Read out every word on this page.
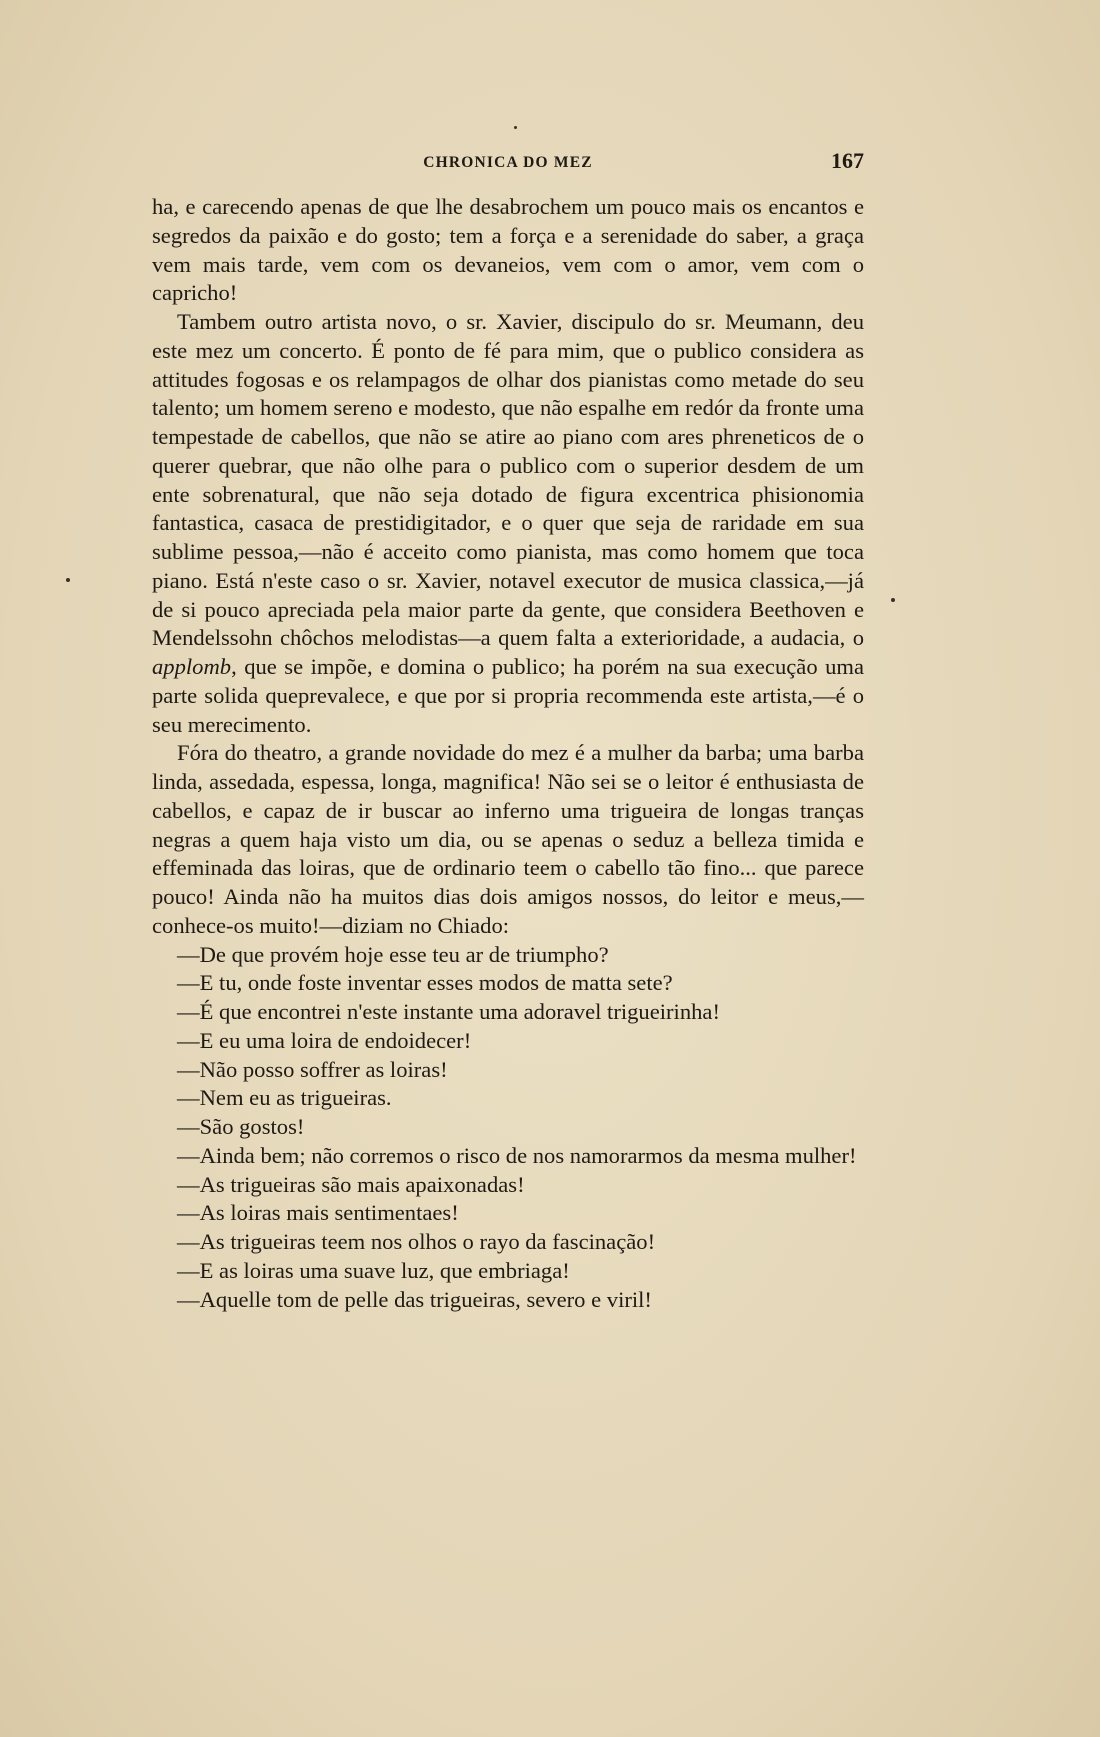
CHRONICA DO MEZ	167

ha, e carecendo apenas de que lhe desabrochem um pouco mais os encantos e segredos da paixão e do gosto; tem a força e a serenidade do saber, a graça vem mais tarde, vem com os devaneios, vem com o amor, vem com o capricho!

Tambem outro artista novo, o sr. Xavier, discipulo do sr. Meumann, deu este mez um concerto. É ponto de fé para mim, que o publico considera as attitudes fogosas e os relampagos de olhar dos pianistas como metade do seu talento; um homem sereno e modesto, que não espalhe em redór da fronte uma tempestade de cabellos, que não se atire ao piano com ares phreneticos de o querer quebrar, que não olhe para o publico com o superior desdem de um ente sobrenatural, que não seja dotado de figura excentrica phisionomia fantastica, casaca de prestidigitador, e o quer que seja de raridade em sua sublime pessoa,—não é acceito como pianista, mas como homem que toca piano. Está n'este caso o sr. Xavier, notavel executor de musica classica,—já de si pouco apreciada pela maior parte da gente, que considera Beethoven e Mendelssohn chôchos melodistas—a quem falta a exterioridade, a audacia, o applomb, que se impõe, e domina o publico; ha porém na sua execução uma parte solida queprevalece, e que por si propria recommenda este artista,—é o seu merecimento.

Fóra do theatro, a grande novidade do mez é a mulher da barba; uma barba linda, assedada, espessa, longa, magnifica! Não sei se o leitor é enthusiasta de cabellos, e capaz de ir buscar ao inferno uma trigueira de longas tranças negras a quem haja visto um dia, ou se apenas o seduz a belleza timida e effeminada das loiras, que de ordinario teem o cabello tão fino... que parece pouco! Ainda não ha muitos dias dois amigos nossos, do leitor e meus,—conhece-os muito!—diziam no Chiado:

—De que provém hoje esse teu ar de triumpho?

—E tu, onde foste inventar esses modos de matta sete?

—É que encontrei n'este instante uma adoravel trigueirinha!

—E eu uma loira de endoidecer!

—Não posso soffrer as loiras!

—Nem eu as trigueiras.

—São gostos!

—Ainda bem; não corremos o risco de nos namorarmos da mesma mulher!

—As trigueiras são mais apaixonadas!

—As loiras mais sentimentaes!

—As trigueiras teem nos olhos o rayo da fascinação!

—E as loiras uma suave luz, que embriaga!

—Aquelle tom de pelle das trigueiras, severo e viril!
